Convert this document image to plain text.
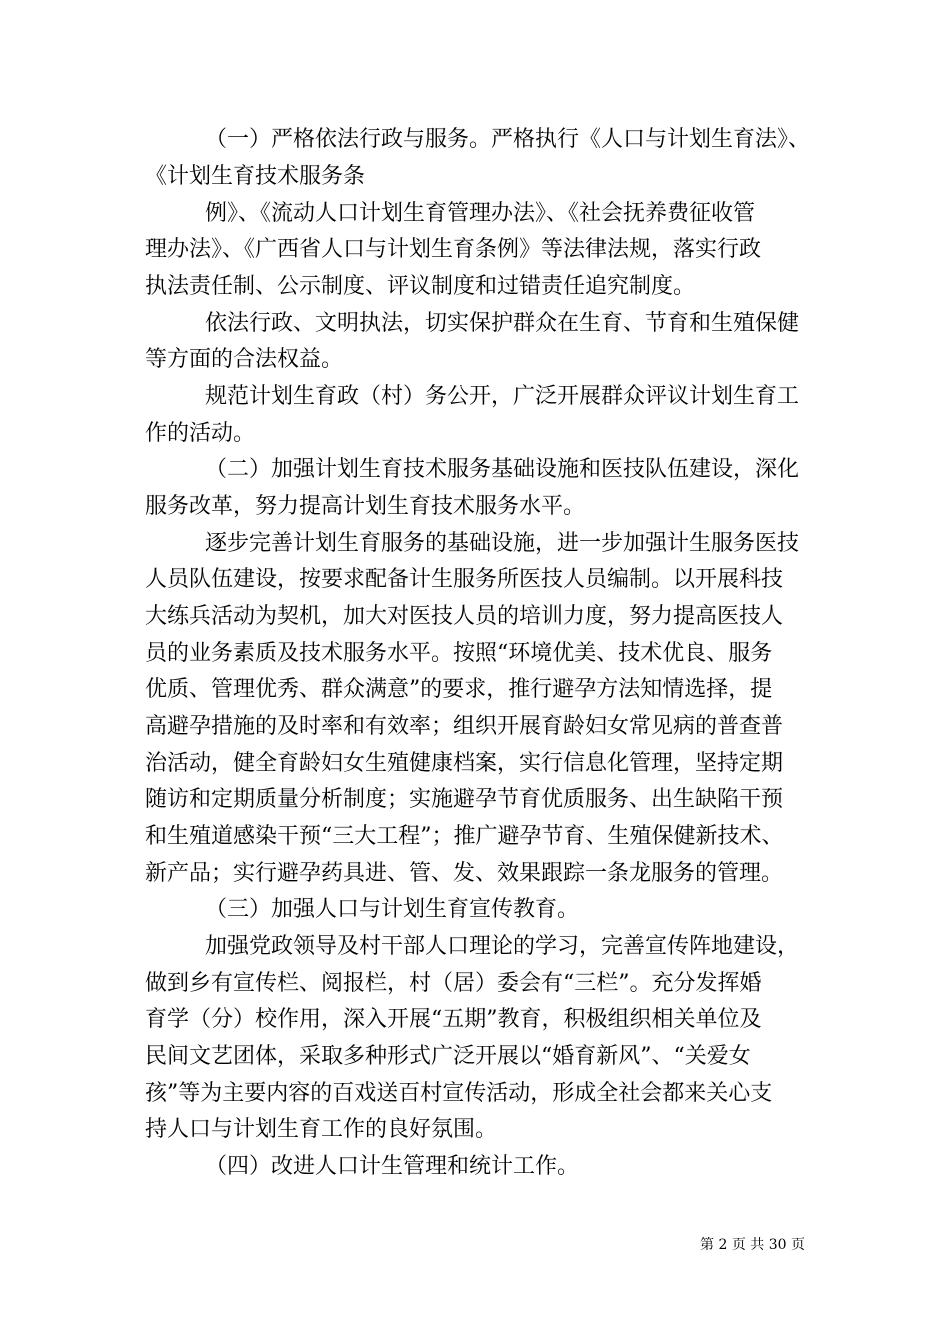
（一）严格依法行政与服务。严格执行《人口与计划生育法》、

《计划生育技术服务条

例》、《流动人口计划生育管理办法》、《社会抚养费征收管

理办法》、《广西省人口与计划生育条例》等法律法规，落实行政

执法责任制、公示制度、评议制度和过错责任追究制度。

依法行政、文明执法，切实保护群众在生育、节育和生殖保健

等方面的合法权益。

规范计划生育政（村）务公开，广泛开展群众评议计划生育工

作的活动。

（二）加强计划生育技术服务基础设施和医技队伍建设，深化

服务改革，努力提高计划生育技术服务水平。

逐步完善计划生育服务的基础设施，进一步加强计生服务医技

人员队伍建设，按要求配备计生服务所医技人员编制。以开展科技

大练兵活动为契机，加大对医技人员的培训力度，努力提高医技人

员的业务素质及技术服务水平。按照“环境优美、技术优良、服务

优质、管理优秀、群众满意”的要求，推行避孕方法知情选择，提

高避孕措施的及时率和有效率；组织开展育龄妇女常见病的普查普

治活动，健全育龄妇女生殖健康档案，实行信息化管理，坚持定期

随访和定期质量分析制度；实施避孕节育优质服务、出生缺陷干预

和生殖道感染干预“三大工程”；推广避孕节育、生殖保健新技术、

新产品；实行避孕药具进、管、发、效果跟踪一条龙服务的管理。

（三）加强人口与计划生育宣传教育。

加强党政领导及村干部人口理论的学习，完善宣传阵地建设，

做到乡有宣传栏、阅报栏，村（居）委会有“三栏”。充分发挥婚

育学（分）校作用，深入开展“五期”教育，积极组织相关单位及

民间文艺团体，采取多种形式广泛开展以“婚育新风”、“关爱女

孩”等为主要内容的百戏送百村宣传活动，形成全社会都来关心支

持人口与计划生育工作的良好氛围。

（四）改进人口计生管理和统计工作。

第 2 页 共 30 页
